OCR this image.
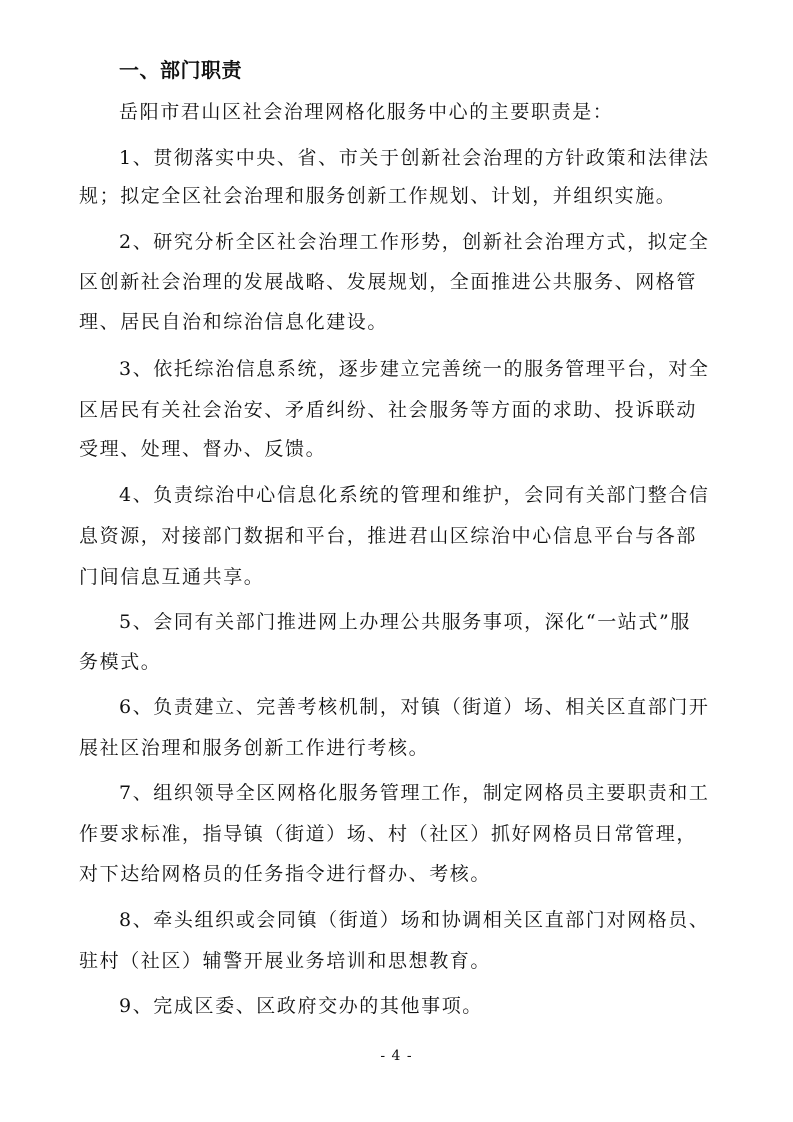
一、部门职责
岳阳市君山区社会治理网格化服务中心的主要职责是：
1、贯彻落实中央、省、市关于创新社会治理的方针政策和法律法
规；拟定全区社会治理和服务创新工作规划、计划，并组织实施。
2、研究分析全区社会治理工作形势，创新社会治理方式，拟定全
区创新社会治理的发展战略、发展规划，全面推进公共服务、网格管
理、居民自治和综治信息化建设。
3、依托综治信息系统，逐步建立完善统一的服务管理平台，对全
区居民有关社会治安、矛盾纠纷、社会服务等方面的求助、投诉联动
受理、处理、督办、反馈。
4、负责综治中心信息化系统的管理和维护，会同有关部门整合信
息资源，对接部门数据和平台，推进君山区综治中心信息平台与各部
门间信息互通共享。
5、会同有关部门推进网上办理公共服务事项，深化“一站式”服
务模式。
6、负责建立、完善考核机制，对镇（街道）场、相关区直部门开
展社区治理和服务创新工作进行考核。
7、组织领导全区网格化服务管理工作，制定网格员主要职责和工
作要求标准，指导镇（街道）场、村（社区）抓好网格员日常管理，
对下达给网格员的任务指令进行督办、考核。
8、牵头组织或会同镇（街道）场和协调相关区直部门对网格员、
驻村（社区）辅警开展业务培训和思想教育。
9、完成区委、区政府交办的其他事项。
- 4 -
